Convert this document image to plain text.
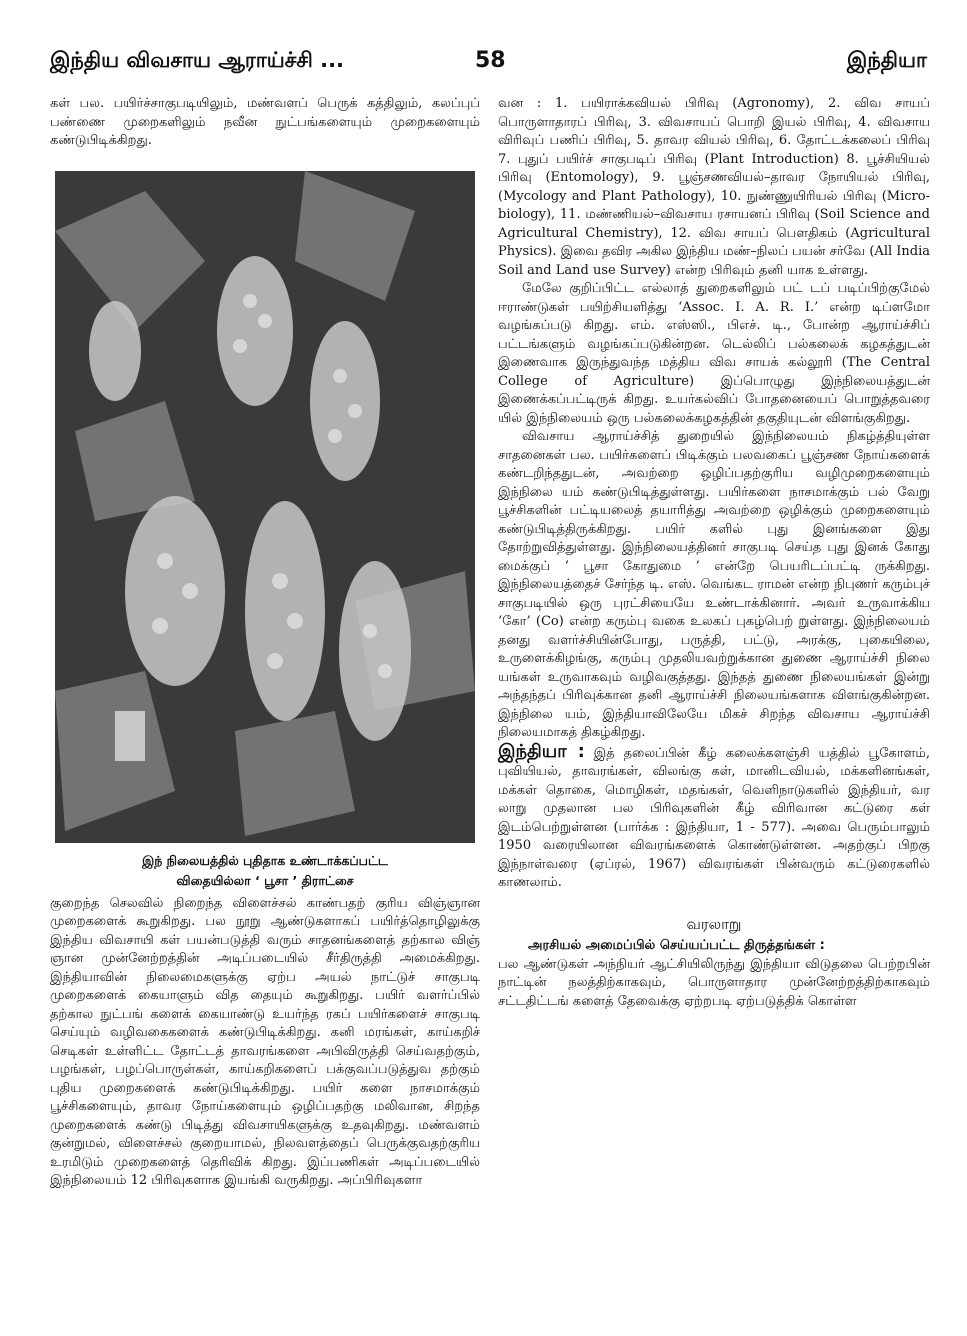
இந்திய விவசாய ஆராய்ச்சி ...	58	இந்தியா

கள் பல. பயிர்ச்சாகுபடியிலும், மண்வளப் பெருக் கத்திலும், கலப்புப் பண்ணை முறைகளிலும் நவீன நுட்பங்களையும் முறைகளையும் கண்டுபிடிக்கிறது.

இந் நிலையத்தில் புதிதாக உண்டாக்கப்பட்ட
விதையில்லா ‘ பூசா ’ திராட்சை

குறைந்த செலவில் நிறைந்த விளைச்சல் காண்பதற் குரிய விஞ்ஞான முறைகளைக் கூறுகிறது. பல நூறு ஆண்டுகளாகப் பயிர்த்தொழிலுக்கு இந்திய விவசாயி கள் பயன்படுத்தி வரும் சாதனங்களைத் தற்கால விஞ் ஞான முன்னேற்றத்தின் அடிப்படையில் சீர்திருத்தி அமைக்கிறது. இந்தியாவின் நிலைமைகளுக்கு ஏற்ப அயல் நாட்டுச் சாகுபடி முறைகளைக் கையாளும் வித தையும் கூறுகிறது. பயிர் வளர்ப்பில் தற்கால நுட்பங் களைக் கையாண்டு உயர்ந்த ரகப் பயிர்களைச் சாகுபடி செய்யும் வழிவகைகளைக் கண்டுபிடிக்கிறது. கனி மரங்கள், காய்கறிச் செடிகள் உள்ளிட்ட தோட்டத் தாவரங்களை அபிவிருத்தி செய்வதற்கும், பழங்கள், பழப்பொருள்கள், காய்கறிகளைப் பக்குவப்படுத்துவ தற்கும் புதிய முறைகளைக் கண்டுபிடிக்கிறது. பயிர் களை நாசமாக்கும் பூச்சிகளையும், தாவர நோய்களையும் ஒழிப்பதற்கு மலிவான, சிறந்த முறைகளைக் கண்டு பிடித்து விவசாயிகளுக்கு உதவுகிறது. மண்வளம் குன்றுமல், விளைச்சல் குறையாமல், நிலவளத்தைப் பெருக்குவதற்குரிய உரமிடும் முறைகளைத் தெரிவிக் கிறது. இப்பணிகள் அடிப்படையில் இந்நிலையம் 12 பிரிவுகளாக இயங்கி வருகிறது. அப்பிரிவுகளா

வன : 1. பயிராக்கவியல் பிரிவு (Agronomy), 2. விவ சாயப் பொருளாதாரப் பிரிவு, 3. விவசாயப் பொறி இயல் பிரிவு, 4. விவசாய விரிவுப் பணிப் பிரிவு, 5. தாவர வியல் பிரிவு, 6. தோட்டக்கலைப் பிரிவு 7. புதுப் பயிர்ச் சாகுபடிப் பிரிவு (Plant Introduction) 8. பூச்சியியல் பிரிவு (Entomology), 9. பூஞ்சணவியல்–தாவர நோயியல் பிரிவு, (Mycology and Plant Pathology), 10. நுண்ணுயிரியல் பிரிவு (Micro-biology), 11. மண்ணியல்–விவசாய ரசாயனப் பிரிவு (Soil Science and Agricultural Chemistry), 12. விவ சாயப் பௌதிகம் (Agricultural Physics). இவை தவிர அகில இந்திய மண்–நிலப் பயன் சர்வே (All India Soil and Land use Survey) என்ற பிரிவும் தனி யாக உள்ளது.

மேலே குறிப்பிட்ட எல்லாத் துறைகளிலும் பட் டப் படிப்பிற்குமேல் ஈராண்டுகள் பயிற்சியளித்து ‘Assoc. I. A. R. I.’ என்ற டிப்ளமோ வழங்கப்படு கிறது. எம். எஸ்ஸி., பிஎச். டி., போன்ற ஆராய்ச்சிப் பட்டங்களும் வழங்கப்படுகின்றன. டெல்லிப் பல்கலைக் கழகத்துடன் இணைவாக இருந்துவந்த மத்திய விவ சாயக் கல்லூரி (The Central College of Agriculture) இப்பொழுது இந்நிலையத்துடன் இணைக்கப்பட்டிருக் கிறது. உயர்கல்விப் போதனையைப் பொறுத்தவரை யில் இந்நிலையம் ஒரு பல்கலைக்கழகத்தின் தகுதியுடன் விளங்குகிறது.

விவசாய ஆராய்ச்சித் துறையில் இந்நிலையம் நிகழ்த்தியுள்ள சாதனைகள் பல. பயிர்களைப் பிடிக்கும் பலவகைப் பூஞ்சண நோய்களைக் கண்டறிந்ததுடன், அவற்றை ஒழிப்பதற்குரிய வழிமுறைகளையும் இந்நிலை யம் கண்டுபிடித்துள்ளது. பயிர்களை நாசமாக்கும் பல் வேறு பூச்சிகளின் பட்டியலைத் தயாரித்து அவற்றை ஒழிக்கும் முறைகளையும் கண்டுபிடித்திருக்கிறது. பயிர் களில் புது இனங்களை இது தோற்றுவித்துள்ளது. இந்நிலையத்தினர் சாகுபடி செய்த புது இனக் கோது மைக்குப் ‘ பூசா கோதுமை ’ என்றே பெயரிடப்பட்டி ருக்கிறது. இந்நிலையத்தைச் சேர்ந்த டி. எஸ். வெங்கட ராமன் என்ற நிபுணர் கரும்புச் சாகுபடியில் ஒரு புரட்சியையே உண்டாக்கினார். அவர் உருவாக்கிய ‘கோ’ (Co) என்ற கரும்பு வகை உலகப் புகழ்பெற் றுள்ளது. இந்நிலையம் தனது வளர்ச்சியின்போது, பருத்தி, பட்டு, அரக்கு, புகையிலை, உருளைக்கிழங்கு, கரும்பு முதலியவற்றுக்கான துணை ஆராய்ச்சி நிலை யங்கள் உருவாகவும் வழிவகுத்தது. இந்தத் துணை நிலையங்கள் இன்று அந்தந்தப் பிரிவுக்கான தனி ஆராய்ச்சி நிலையங்களாக விளங்குகின்றன. இந்நிலை யம், இந்தியாவிலேயே மிகச் சிறந்த விவசாய ஆராய்ச்சி நிலையமாகத் திகழ்கிறது.

இந்தியா : இத் தலைப்பின் கீழ் கலைக்களஞ்சி யத்தில் பூகோளம், புவியியல், தாவரங்கள், விலங்கு கள், மானிடவியல், மக்களினங்கள், மக்கள் தொகை, மொழிகள், மதங்கள், வெளிநாடுகளில் இந்தியர், வர லாறு முதலான பல பிரிவுகளின் கீழ் விரிவான கட்டுரை கள் இடம்பெற்றுள்ளன (பார்க்க : இந்தியா, 1 - 577). அவை பெரும்பாலும் 1950 வரையிலான விவரங்களைக் கொண்டுள்ளன. அதற்குப் பிறகு இந்நாள்வரை (ஏப்ரல், 1967) விவரங்கள் பின்வரும் கட்டுரைகளில் காணலாம்.

வரலாறு

அரசியல் அமைப்பில் செய்யப்பட்ட திருத்தங்கள் :

பல ஆண்டுகள் அந்நியர் ஆட்சியிலிருந்து இந்தியா விடுதலை பெற்றபின் நாட்டின் நலத்திற்காகவும், பொருளாதார முன்னேற்றத்திற்காகவும் சட்டதிட்டங் களைத் தேவைக்கு ஏற்றபடி ஏற்படுத்திக் கொள்ள
